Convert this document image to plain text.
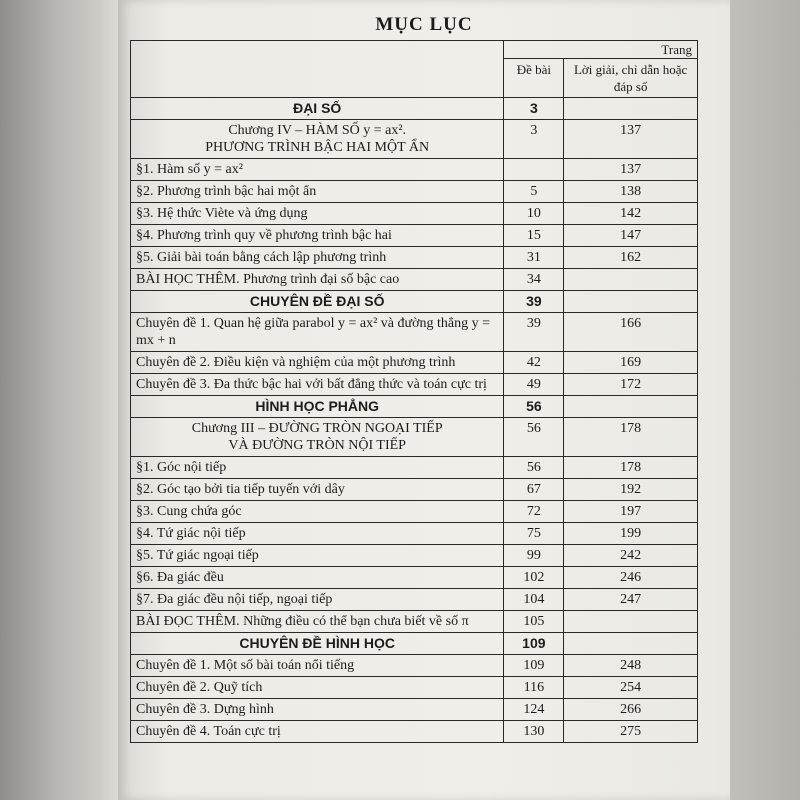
MỤC LỤC
	Trang	
	Đề bài	Lời giải, chỉ dẫn hoặc đáp số
ĐẠI SỐ	3	
Chương IV – HÀM SỐ y = ax². PHƯƠNG TRÌNH BẬC HAI MỘT ẨN	3	137
§1. Hàm số y = ax²		137
§2. Phương trình bậc hai một ẩn	5	138
§3. Hệ thức Viète và ứng dụng	10	142
§4. Phương trình quy về phương trình bậc hai	15	147
§5. Giải bài toán bằng cách lập phương trình	31	162
BÀI HỌC THÊM. Phương trình đại số bậc cao	34	
CHUYÊN ĐỀ ĐẠI SỐ	39	
Chuyên đề 1. Quan hệ giữa parabol y = ax² và đường thẳng y = mx + n	39	166
Chuyên đề 2. Điều kiện và nghiệm của một phương trình	42	169
Chuyên đề 3. Đa thức bậc hai với bất đẳng thức và toán cực trị	49	172
HÌNH HỌC PHẲNG	56	
Chương III – ĐƯỜNG TRÒN NGOẠI TIẾP VÀ ĐƯỜNG TRÒN NỘI TIẾP	56	178
§1. Góc nội tiếp	56	178
§2. Góc tạo bởi tia tiếp tuyến với dây	67	192
§3. Cung chứa góc	72	197
§4. Tứ giác nội tiếp	75	199
§5. Tứ giác ngoại tiếp	99	242
§6. Đa giác đều	102	246
§7. Đa giác đều nội tiếp, ngoại tiếp	104	247
BÀI ĐỌC THÊM. Những điều có thể bạn chưa biết về số π	105	
CHUYÊN ĐỀ HÌNH HỌC	109	
Chuyên đề 1. Một số bài toán nổi tiếng	109	248
Chuyên đề 2. Quỹ tích	116	254
Chuyên đề 3. Dựng hình	124	266
Chuyên đề 4. Toán cực trị	130	275
